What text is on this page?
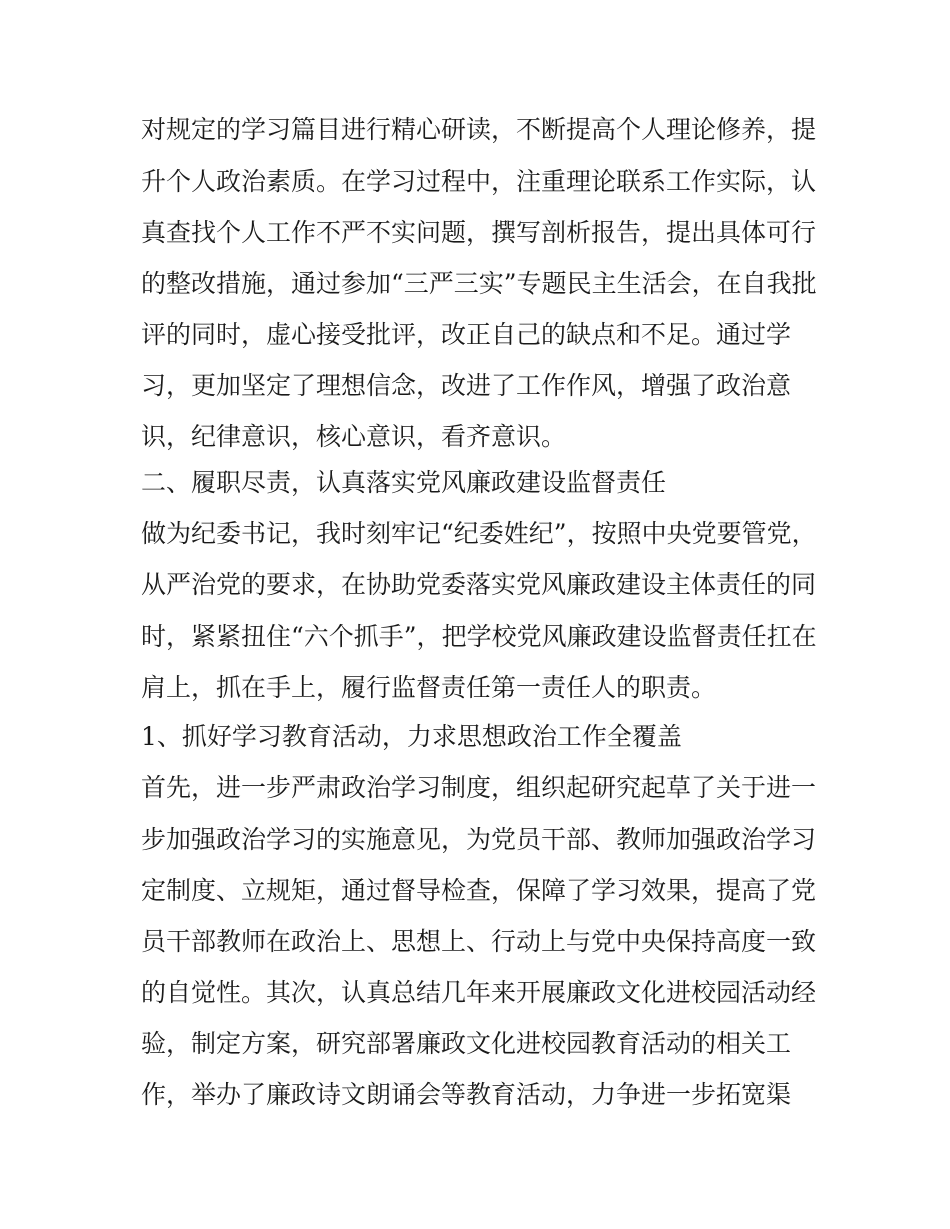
对规定的学习篇目进行精心研读，不断提高个人理论修养，提
升个人政治素质。在学习过程中，注重理论联系工作实际，认
真查找个人工作不严不实问题，撰写剖析报告，提出具体可行
的整改措施，通过参加“三严三实”专题民主生活会，在自我批
评的同时，虚心接受批评，改正自己的缺点和不足。通过学
习，更加坚定了理想信念，改进了工作作风，增强了政治意
识，纪律意识，核心意识，看齐意识。
二、履职尽责，认真落实党风廉政建设监督责任
做为纪委书记，我时刻牢记“纪委姓纪”，按照中央党要管党，
从严治党的要求，在协助党委落实党风廉政建设主体责任的同
时，紧紧扭住“六个抓手”，把学校党风廉政建设监督责任扛在
肩上，抓在手上，履行监督责任第一责任人的职责。
1、抓好学习教育活动，力求思想政治工作全覆盖
首先，进一步严肃政治学习制度，组织起研究起草了关于进一
步加强政治学习的实施意见，为党员干部、教师加强政治学习
定制度、立规矩，通过督导检查，保障了学习效果，提高了党
员干部教师在政治上、思想上、行动上与党中央保持高度一致
的自觉性。其次，认真总结几年来开展廉政文化进校园活动经
验，制定方案，研究部署廉政文化进校园教育活动的相关工
作，举办了廉政诗文朗诵会等教育活动，力争进一步拓宽渠
